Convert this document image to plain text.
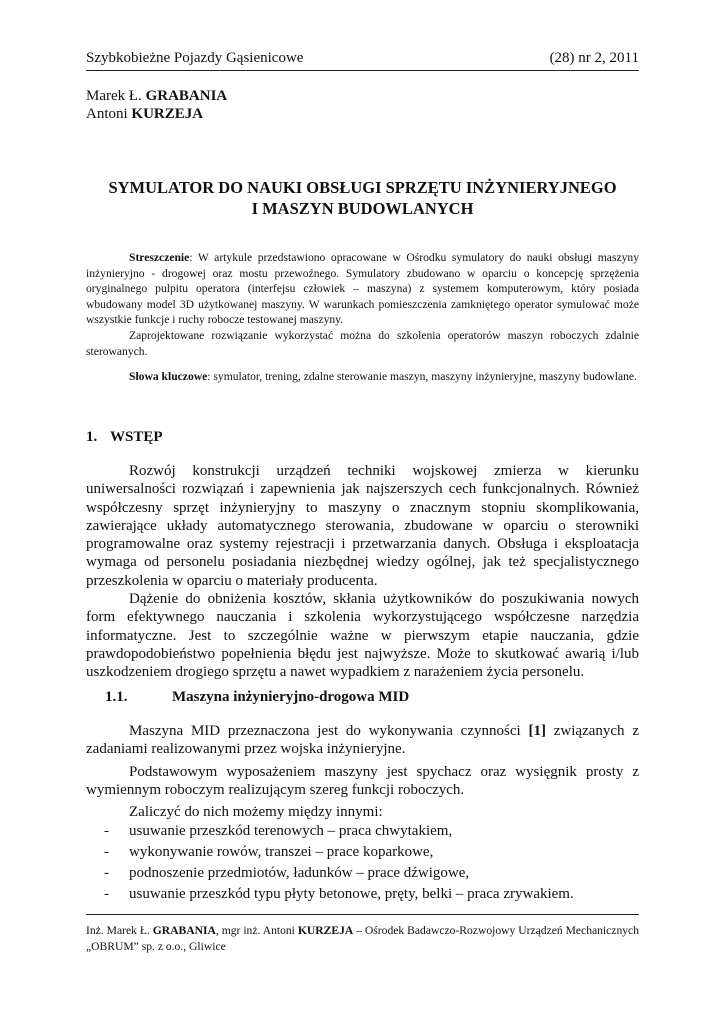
Szybkobieżne Pojazdy Gąsienicowe	(28) nr 2, 2011
Marek Ł. GRABANIA
Antoni KURZEJA
SYMULATOR DO NAUKI OBSŁUGI SPRZĘTU INŻYNIERYJNEGO
I MASZYN BUDOWLANYCH

Streszczenie: W artykule przedstawiono opracowane w Ośrodku symulatory do nauki obsługi maszyny inżynieryjno - drogowej oraz mostu przewoźnego. Symulatory zbudowano w oparciu o koncepcję sprzężenia oryginalnego pulpitu operatora (interfejsu człowiek – maszyna) z systemem komputerowym, który posiada wbudowany model 3D użytkowanej maszyny. W warunkach pomieszczenia zamkniętego operator symulować może wszystkie funkcje i ruchy robocze testowanej maszyny.

Zaprojektowane rozwiązanie wykorzystać można do szkolenia operatorów maszyn roboczych zdalnie sterowanych.

Słowa kluczowe: symulator, trening, zdalne sterowanie maszyn, maszyny inżynieryjne, maszyny budowlane.
1. WSTĘP

Rozwój konstrukcji urządzeń techniki wojskowej zmierza w kierunku uniwersalności rozwiązań i zapewnienia jak najszerszych cech funkcjonalnych. Również współczesny sprzęt inżynieryjny to maszyny o znacznym stopniu skomplikowania, zawierające układy automatycznego sterowania, zbudowane w oparciu o sterowniki programowalne oraz systemy rejestracji i przetwarzania danych. Obsługa i eksploatacja wymaga od personelu posiadania niezbędnej wiedzy ogólnej, jak też specjalistycznego przeszkolenia w oparciu o materiały producenta.

Dążenie do obniżenia kosztów, skłania użytkowników do poszukiwania nowych form efektywnego nauczania i szkolenia wykorzystującego współczesne narzędzia informatyczne. Jest to szczególnie ważne w pierwszym etapie nauczania, gdzie prawdopodobieństwo popełnienia błędu jest najwyższe. Może to skutkować awarią i/lub uszkodzeniem drogiego sprzętu a nawet wypadkiem z narażeniem życia personelu.

1.1.	Maszyna inżynieryjno-drogowa MID

Maszyna MID przeznaczona jest do wykonywania czynności [1] związanych z zadaniami realizowanymi przez wojska inżynieryjne.

Podstawowym wyposażeniem maszyny jest spychacz oraz wysięgnik prosty z wymiennym roboczym realizującym szereg funkcji roboczych.

Zaliczyć do nich możemy między innymi:

- usuwanie przeszkód terenowych – praca chwytakiem,
- wykonywanie rowów, transzei – prace koparkowe,
- podnoszenie przedmiotów, ładunków – prace dźwigowe,
- usuwanie przeszkód typu płyty betonowe, pręty, belki – praca zrywakiem.
Inż. Marek Ł. GRABANIA, mgr inż. Antoni KURZEJA – Ośrodek Badawczo-Rozwojowy Urządzeń Mechanicznych „OBRUM” sp. z o.o., Gliwice
